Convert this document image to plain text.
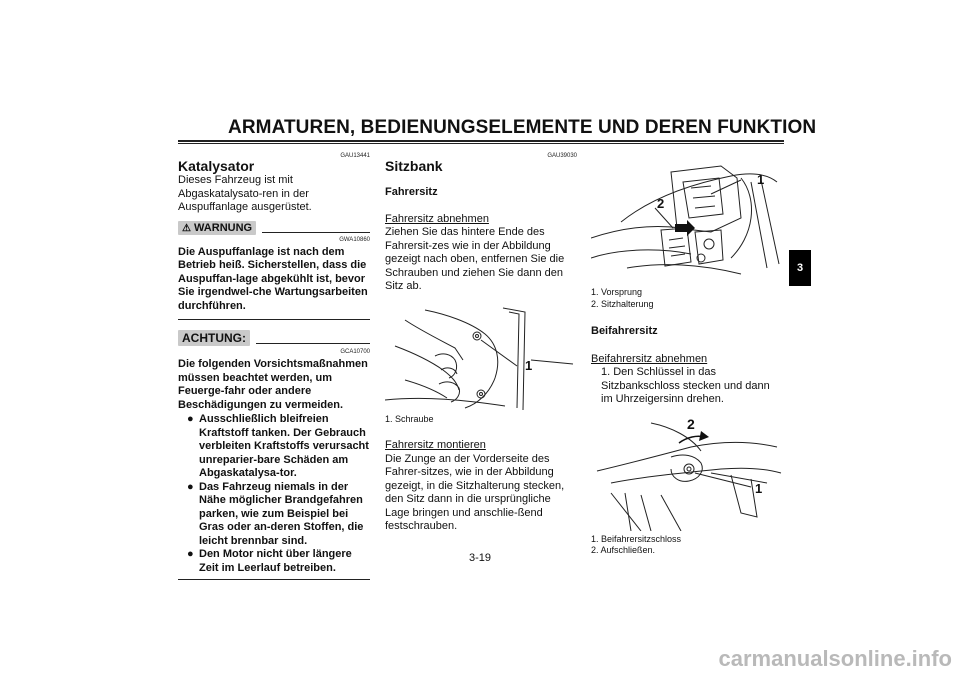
ARMATUREN, BEDIENUNGSELEMENTE UND DEREN FUNKTION
3
GAU13441
Katalysator
Dieses Fahrzeug ist mit Abgaskatalysato-ren in der Auspuffanlage ausgerüstet.
⚠ WARNUNG
GWA10860
Die Auspuffanlage ist nach dem Betrieb heiß. Sicherstellen, dass die Auspuffan-lage abgekühlt ist, bevor Sie irgendwel-che Wartungsarbeiten durchführen.
ACHTUNG:
GCA10700
Die folgenden Vorsichtsmaßnahmen müssen beachtet werden, um Feuerge-fahr oder andere Beschädigungen zu vermeiden.
● Ausschließlich bleifreien Kraftstoff tanken. Der Gebrauch verbleiten Kraftstoffs verursacht unreparier-bare Schäden am Abgaskatalysa-tor.
● Das Fahrzeug niemals in der Nähe möglicher Brandgefahren parken, wie zum Beispiel bei Gras oder an-deren Stoffen, die leicht brennbar sind.
● Den Motor nicht über längere Zeit im Leerlauf betreiben.
GAU39030
Sitzbank
Fahrersitz
Fahrersitz abnehmen
Ziehen Sie das hintere Ende des Fahrersit-zes wie in der Abbildung gezeigt nach oben, entfernen Sie die Schrauben und ziehen Sie dann den Sitz ab.
1
1. Schraube
Fahrersitz montieren
Die Zunge an der Vorderseite des Fahrer-sitzes, wie in der Abbildung gezeigt, in die Sitzhalterung stecken, den Sitz dann in die ursprüngliche Lage bringen und anschlie-ßend festschrauben.
1
2
1. Vorsprung
2. Sitzhalterung
Beifahrersitz
Beifahrersitz abnehmen
1. Den Schlüssel in das Sitzbankschloss stecken und dann im Uhrzeigersinn drehen.
2
1
1. Beifahrersitzschloss
2. Aufschließen.
3-19
carmanualsonline.info
